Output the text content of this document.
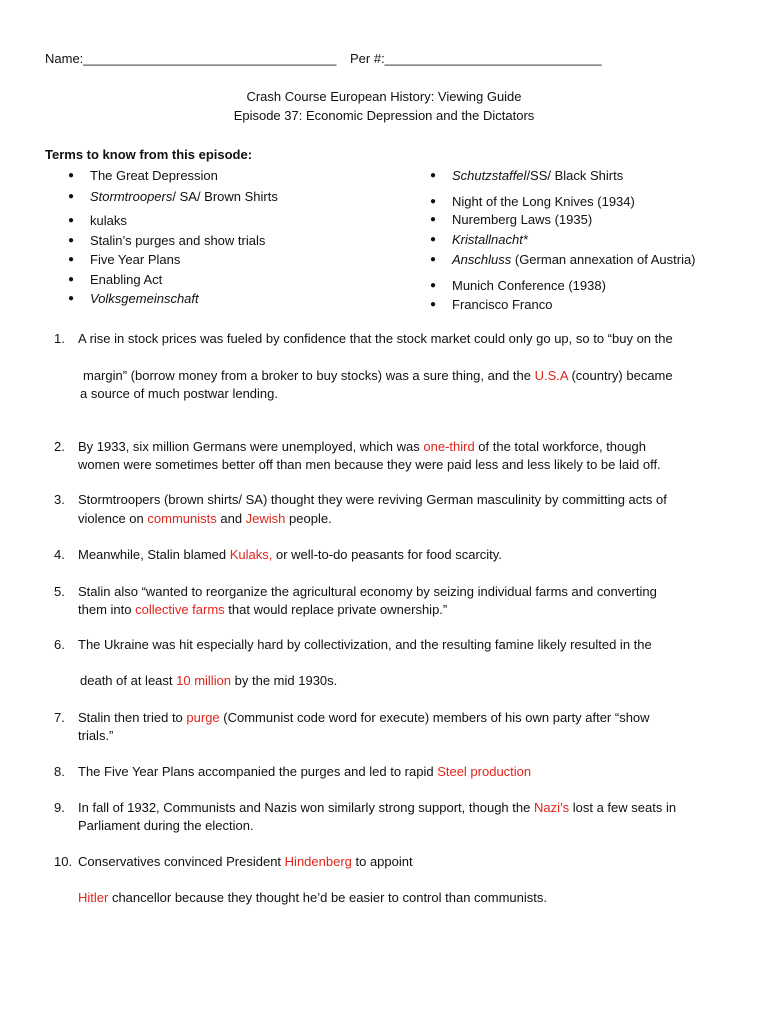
Name:___________________________________ Per #:______________________________
Crash Course European History: Viewing Guide
Episode 37: Economic Depression and the Dictators
Terms to know from this episode:
● The Great Depression
● Stormtroopers/ SA/ Brown Shirts
● kulaks
● Stalin’s purges and show trials
● Five Year Plans
● Enabling Act
● Volksgemeinschaft
● Schutzstaffel/SS/ Black Shirts
● Night of the Long Knives (1934)
● Nuremberg Laws (1935)
● Kristallnacht*
● Anschluss (German annexation of Austria)
● Munich Conference (1938)
● Francisco Franco
1.	A rise in stock prices was fueled by confidence that the stock market could only go up, so to “buy on the
margin” (borrow money from a broker to buy stocks) was a sure thing, and the U.S.A (country) became
a source of much postwar lending.
2.	By 1933, six million Germans were unemployed, which was one-third of the total workforce, though
women were sometimes better off than men because they were paid less and less likely to be laid off.
3.	Stormtroopers (brown shirts/ SA) thought they were reviving German masculinity by committing acts of
violence on communists and Jewish people.
4.	Meanwhile, Stalin blamed Kulaks, or well-to-do peasants for food scarcity.
5.	Stalin also “wanted to reorganize the agricultural economy by seizing individual farms and converting
them into collective farms that would replace private ownership.”
6.	The Ukraine was hit especially hard by collectivization, and the resulting famine likely resulted in the
death of at least 10 million by the mid 1930s.
7.	Stalin then tried to purge (Communist code word for execute) members of his own party after “show
trials.”
8.	The Five Year Plans accompanied the purges and led to rapid Steel production
9.	In fall of 1932, Communists and Nazis won similarly strong support, though the Nazi’s lost a few seats in
Parliament during the election.
10. Conservatives convinced President Hindenberg to appoint
Hitler chancellor because they thought he’d be easier to control than communists.
